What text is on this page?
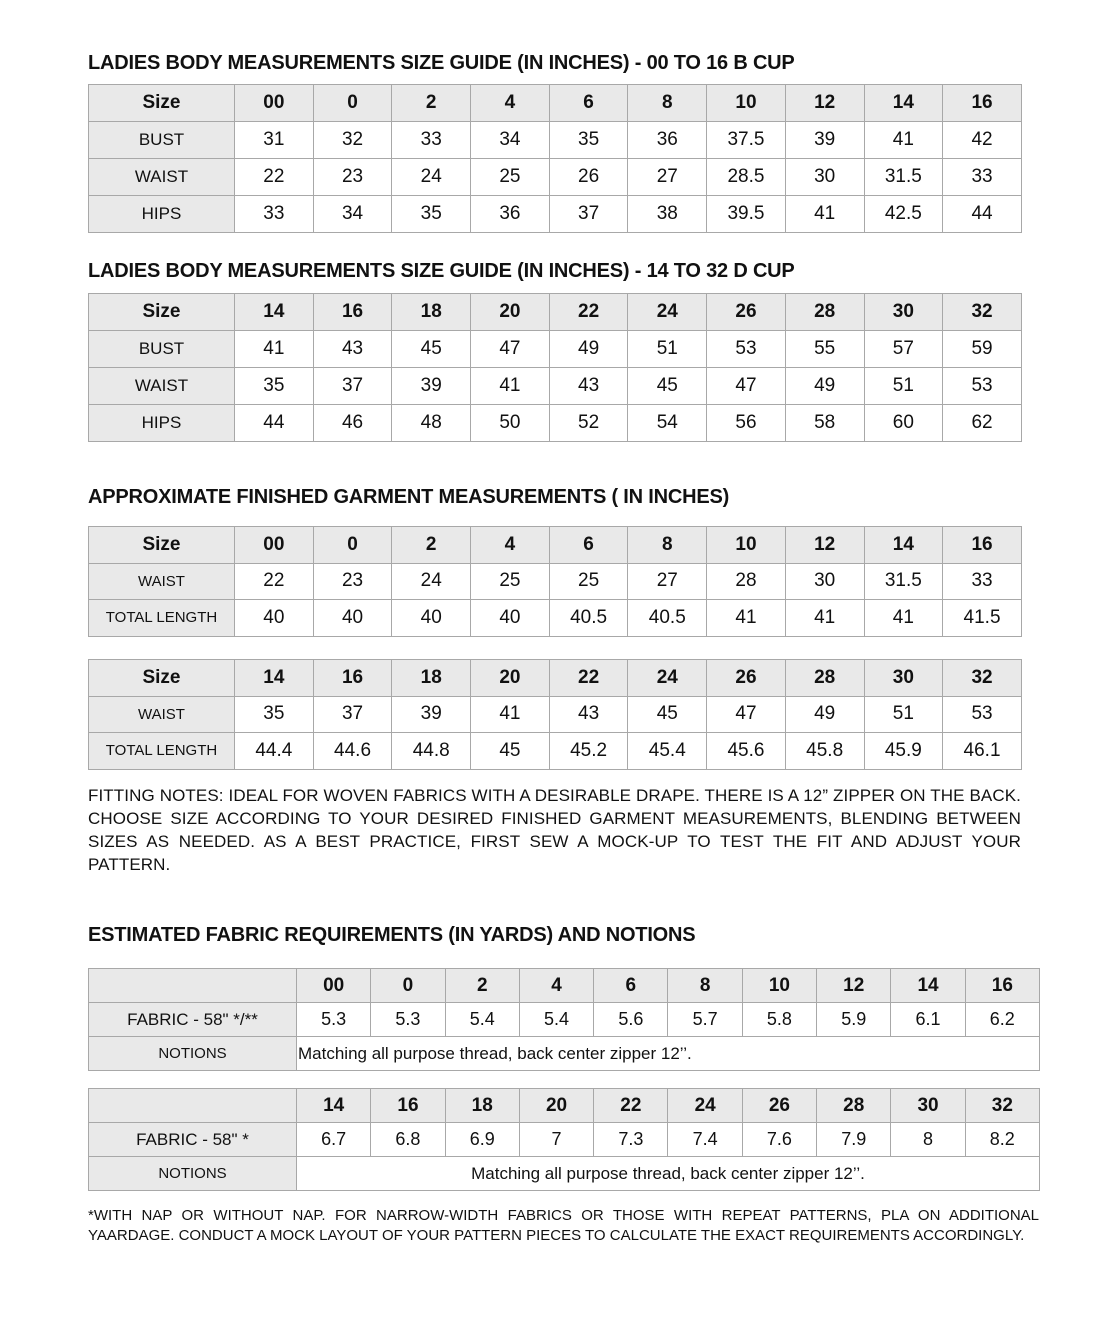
LADIES BODY MEASUREMENTS SIZE GUIDE (IN INCHES) - 00 TO 16 B CUP
Size	00	0	2	4	6	8	10	12	14	16
BUST	31	32	33	34	35	36	37.5	39	41	42
WAIST	22	23	24	25	26	27	28.5	30	31.5	33
HIPS	33	34	35	36	37	38	39.5	41	42.5	44
LADIES BODY MEASUREMENTS SIZE GUIDE (IN INCHES) - 14 TO 32 D CUP
Size	14	16	18	20	22	24	26	28	30	32
BUST	41	43	45	47	49	51	53	55	57	59
WAIST	35	37	39	41	43	45	47	49	51	53
HIPS	44	46	48	50	52	54	56	58	60	62
APPROXIMATE FINISHED GARMENT MEASUREMENTS ( IN INCHES)
Size	00	0	2	4	6	8	10	12	14	16
WAIST	22	23	24	25	25	27	28	30	31.5	33
TOTAL LENGTH	40	40	40	40	40.5	40.5	41	41	41	41.5
Size	14	16	18	20	22	24	26	28	30	32
WAIST	35	37	39	41	43	45	47	49	51	53
TOTAL LENGTH	44.4	44.6	44.8	45	45.2	45.4	45.6	45.8	45.9	46.1

FITTING NOTES: IDEAL FOR WOVEN FABRICS WITH A DESIRABLE DRAPE. THERE IS A 12” ZIPPER ON THE BACK. CHOOSE SIZE ACCORDING TO YOUR DESIRED FINISHED GARMENT MEASUREMENTS, BLENDING BETWEEN SIZES AS NEEDED. AS A BEST PRACTICE, FIRST SEW A MOCK-UP TO TEST THE FIT AND ADJUST YOUR PATTERN.

ESTIMATED FABRIC REQUIREMENTS (IN YARDS) AND NOTIONS
	00	0	2	4	6	8	10	12	14	16
FABRIC - 58" */**	5.3	5.3	5.4	5.4	5.6	5.7	5.8	5.9	6.1	6.2
NOTIONS	Matching all purpose thread, back center zipper 12’’.									
	14	16	18	20	22	24	26	28	30	32
FABRIC - 58" *	6.7	6.8	6.9	7	7.3	7.4	7.6	7.9	8	8.2
NOTIONS	Matching all purpose thread, back center zipper 12’’.									

*WITH NAP OR WITHOUT NAP. FOR NARROW-WIDTH FABRICS OR THOSE WITH REPEAT PATTERNS, PLA ON ADDITIONAL YAARDAGE. CONDUCT A MOCK LAYOUT OF YOUR PATTERN PIECES TO CALCULATE THE EXACT REQUIREMENTS ACCORDINGLY.
